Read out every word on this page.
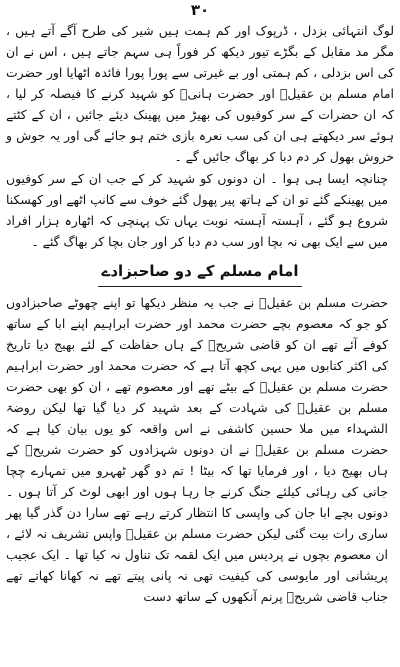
۳۰

لوگ انتہائی بزدل ، ڈرپوک اور کم ہمت ہیں شیر کی طرح آگے آتے ہیں ، مگر مد مقابل کے بگڑے تیور دیکھ کر فوراً ہی سہم جاتے ہیں ، اس نے ان کی اس بزدلی ، کم ہمتی اور بے غیرتی سے پورا پورا فائدہ اٹھایا اور حضرت امام مسلم بن عقیلؓ اور حضرت ہانیؒ کو شہید کرنے کا فیصلہ کر لیا ، کہ ان حضرات کے سر کوفیوں کی بھیڑ میں پھینک دیئے جائیں ، ان کے کٹتے ہوئے سر دیکھتے ہی ان کی سب نعرہ بازی ختم ہو جائے گی اور یہ جوش و خروش بھول کر دم دبا کر بھاگ جائیں گے ۔

چنانچہ ایسا ہی ہوا ۔ ان دونوں کو شہید کر کے جب ان کے سر کوفیوں میں پھینکے گئے تو ان کے ہاتھ پیر پھول گئے خوف سے کانپ اٹھے اور کھسکنا شروع ہو گئے ، آہستہ آہستہ نوبت یہاں تک پہنچی کہ اٹھارہ ہزار افراد میں سے ایک بھی نہ بچا اور سب دم دبا کر اور جان بچا کر بھاگ گئے ۔

امام مسلم کے دو صاحبزادے

حضرت مسلم بن عقیلؓ نے جب یہ منظر دیکھا تو اپنے چھوٹے صاحبزادوں کو جو کہ معصوم بچے حضرت محمد اور حضرت ابراہیم اپنے ابا کے ساتھ کوفے آئے تھے ان کو قاضی شریحؒ کے ہاں حفاظت کے لئے بھیج دیا تاریخ کی اکثر کتابوں میں یہی کچھ آتا ہے کہ حضرت محمد اور حضرت ابراہیم حضرت مسلم بن عقیلؓ کے بیٹے تھے اور معصوم تھے ، ان کو بھی حضرت مسلم بن عقیلؓ کی شہادت کے بعد شہید کر دیا گیا تھا لیکن روضۃ الشہداء میں ملا حسین کاشفی نے اس واقعہ کو یوں بیان کیا ہے کہ حضرت مسلم بن عقیلؓ نے ان دونوں شہزادوں کو حضرت شریحؒ کے ہاں بھیج دیا ، اور فرمایا تھا کہ بیٹا ! تم دو گھر ٹھہرو میں تمہارے چچا جانی کی رہائی کیلئے جنگ کرنے جا رہا ہوں اور ابھی لوٹ کر آتا ہوں ۔ دونوں بچے ابا جان کی واپسی کا انتظار کرتے رہے تھے سارا دن گذر گیا پھر ساری رات بیت گئی لیکن حضرت مسلم بن عقیلؓ واپس تشریف نہ لائے ، ان معصوم بچوں نے پردیس میں ایک لقمہ تک تناول نہ کیا تھا ۔ ایک عجیب پریشانی اور مایوسی کی کیفیت تھی نہ پانی پیتے تھے نہ کھانا کھاتے تھے جناب قاضی شریحؒ پرنم آنکھوں کے ساتھ دست
